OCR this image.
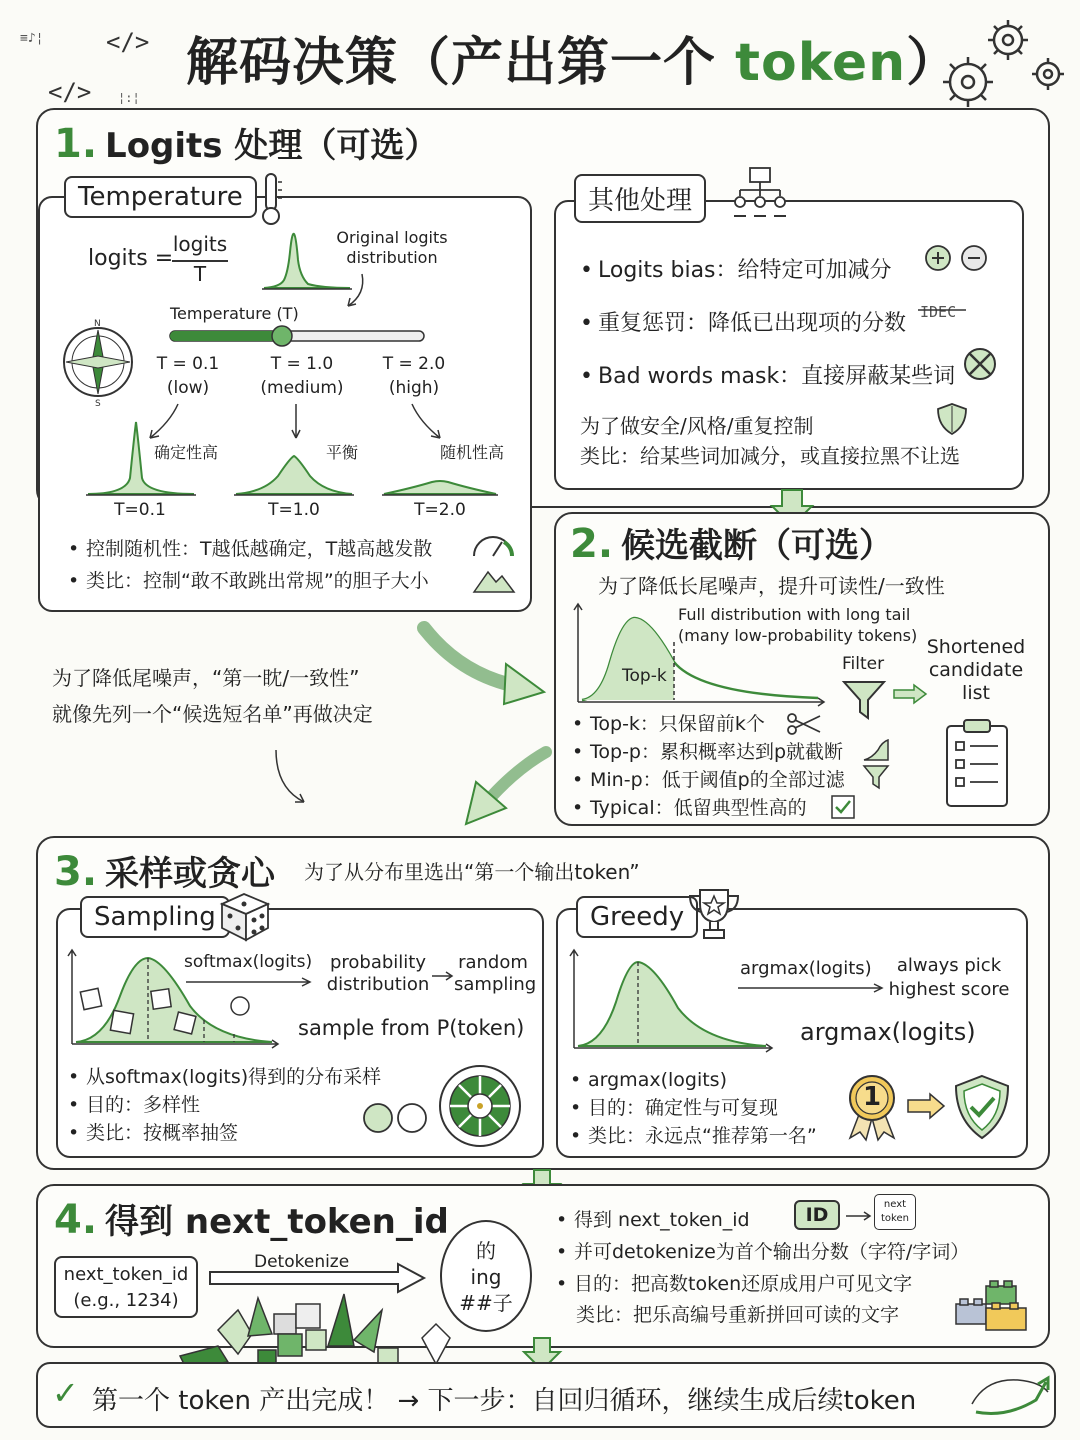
≡♪¦	</>
</> ¦:¦
解码决策（产出第一个 token）
1. Logits 处理（可选）
Temperature
logits =
logits
T
Original logits
distribution
Temperature (T)
N
S
T = 0.1
(low)
T = 1.0
(medium)
T = 2.0
(high)
确定性高	平衡	随机性高
T=0.1	T=1.0	T=2.0
• 控制随机性：T越低越确定，T越高越发散
• 类比：控制“敢不敢跳出常规”的胆子大小
其他处理
• Logits bias：给特定可加减分
• 重复惩罚：降低已出现项的分数
• Bad words mask：直接屏蔽某些词
IDEC
为了做安全/风格/重复控制
类比：给某些词加减分，或直接拉黑不让选
为了降低尾噪声，“第一眈/一致性”
就像先列一个“候选短名单”再做决定
2. 候选截断（可选）
为了降低长尾噪声，提升可读性/一致性
Top-k
Full distribution with long tail
(many low-probability tokens)
Filter
Shortened
candidate
list
• Top-k：只保留前k个
• Top-p：累积概率达到p就截断
• Min-p：低于阈值p的全部过滤
• Typical：低留典型性高的
3. 采样或贪心 为了从分布里选出“第一个输出token”
Sampling
softmax(logits) probability
distribution
random
sampling
sample from P(token)
• 从softmax(logits)得到的分布采样
• 目的：多样性
• 类比：按概率抽签
Greedy
argmax(logits)	always pick
highest score
argmax(logits)
• argmax(logits)
• 目的：确定性与可复现
• 类比：永远点“推荐第一名”
1
4. 得到 next_token_id
next_token_id
(e.g., 1234)
Detokenize	的
ing
##子
• 得到 next_token_id
• 并可detokenize为首个输出分数（字符/字词）
• 目的：把高数token还原成用户可见文字
类比：把乐高编号重新拼回可读的文字
ID	next
token
✓ 第一个 token 产出完成！ → 下一步：自回归循环，继续生成后续token
